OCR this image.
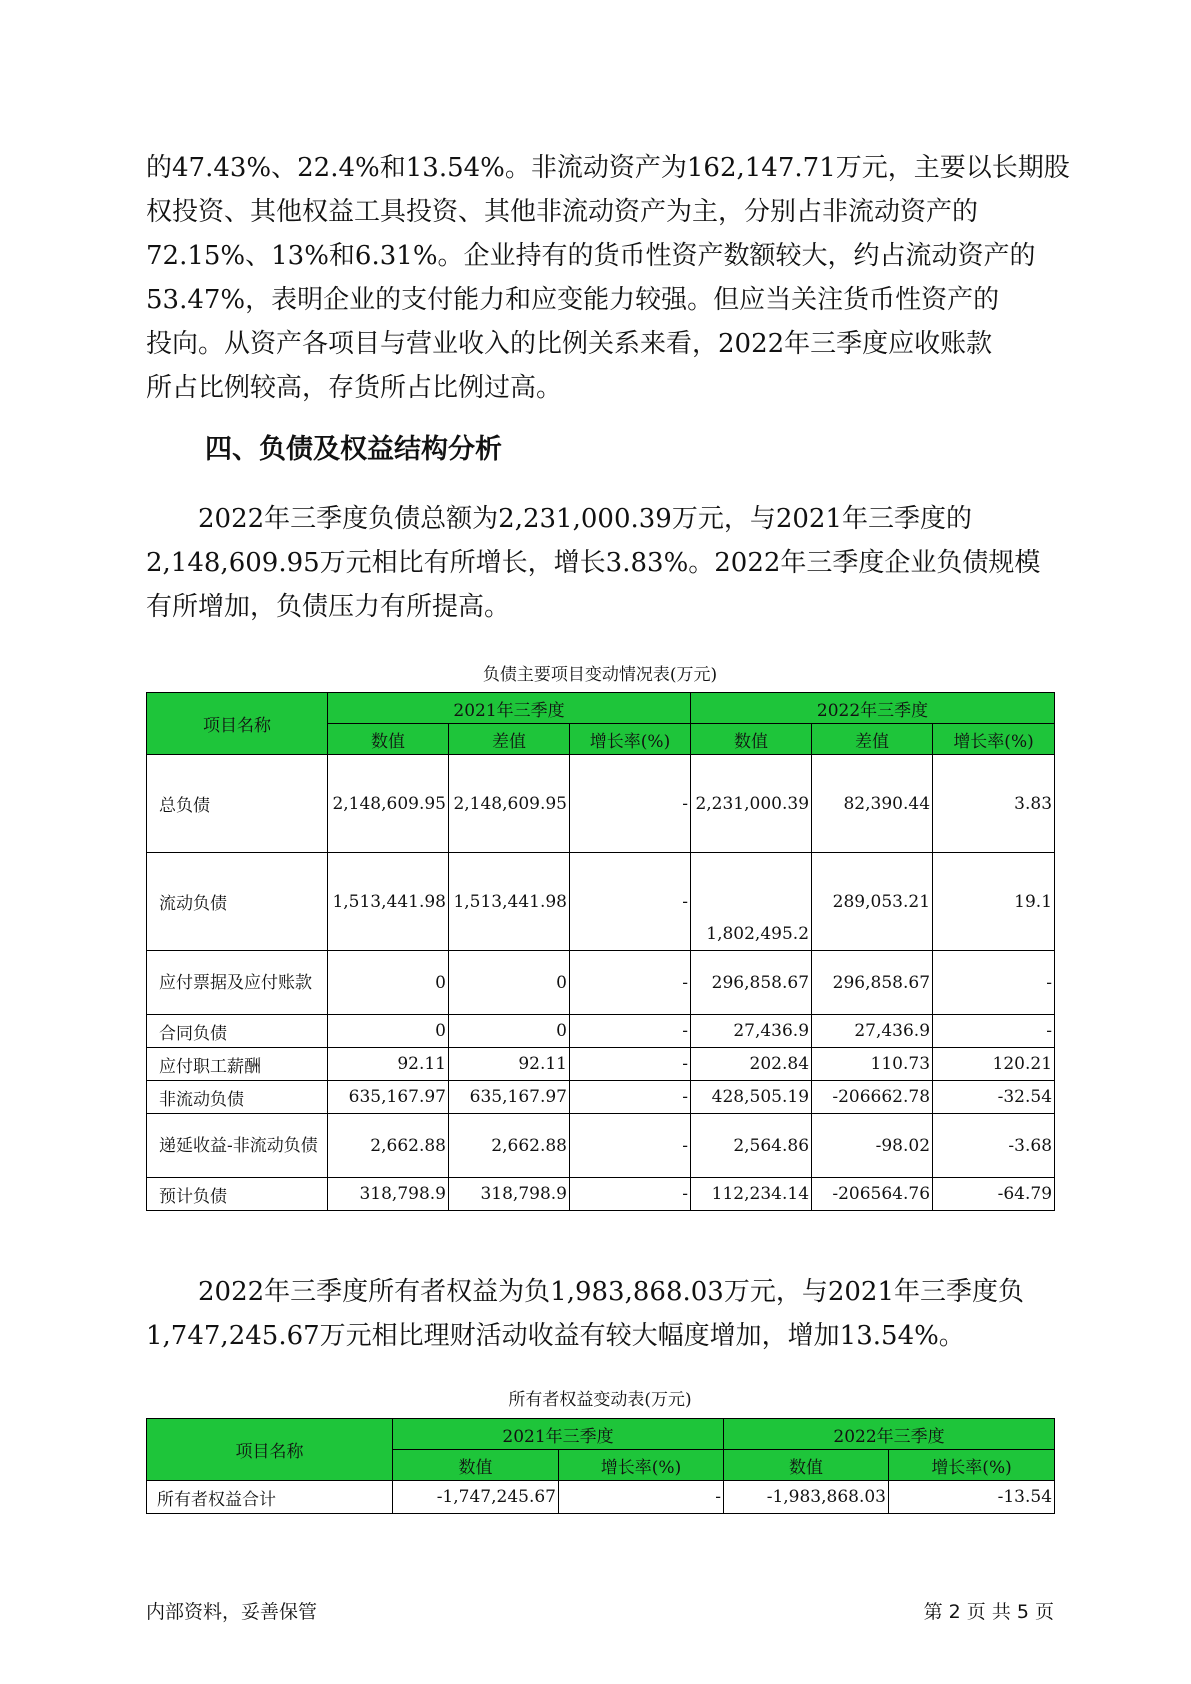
的47.43%、22.4%和13.54%。非流动资产为162,147.71万元，主要以长期股
权投资、其他权益工具投资、其他非流动资产为主，分别占非流动资产的
72.15%、13%和6.31%。企业持有的货币性资产数额较大，约占流动资产的
53.47%，表明企业的支付能力和应变能力较强。但应当关注货币性资产的
投向。从资产各项目与营业收入的比例关系来看，2022年三季度应收账款
所占比例较高，存货所占比例过高。
四、负债及权益结构分析
2022年三季度负债总额为2,231,000.39万元，与2021年三季度的
2,148,609.95万元相比有所增长，增长3.83%。2022年三季度企业负债规模
有所增加，负债压力有所提高。
负债主要项目变动情况表(万元)
项目名称	2021年三季度			2022年三季度		
	数值	差值	增长率(%)	数值	差值	增长率(%)
总负债	2,148,609.95	2,148,609.95	-	2,231,000.39	82,390.44	3.83
流动负债	1,513,441.98	1,513,441.98	-	1,802,495.2	289,053.21	19.1
应付票据及应付账款	0	0	-	296,858.67	296,858.67	-
合同负债	0	0	-	27,436.9	27,436.9	-
应付职工薪酬	92.11	92.11	-	202.84	110.73	120.21
非流动负债	635,167.97	635,167.97	-	428,505.19	-206662.78	-32.54
递延收益-非流动负债	2,662.88	2,662.88	-	2,564.86	-98.02	-3.68
预计负债	318,798.9	318,798.9	-	112,234.14	-206564.76	-64.79
2022年三季度所有者权益为负1,983,868.03万元，与2021年三季度负
1,747,245.67万元相比理财活动收益有较大幅度增加，增加13.54%。
所有者权益变动表(万元)
项目名称	2021年三季度		2022年三季度	
	数值	增长率(%)	数值	增长率(%)
所有者权益合计	-1,747,245.67	-	-1,983,868.03	-13.54
内部资料，妥善保管	第 2 页 共 5 页
